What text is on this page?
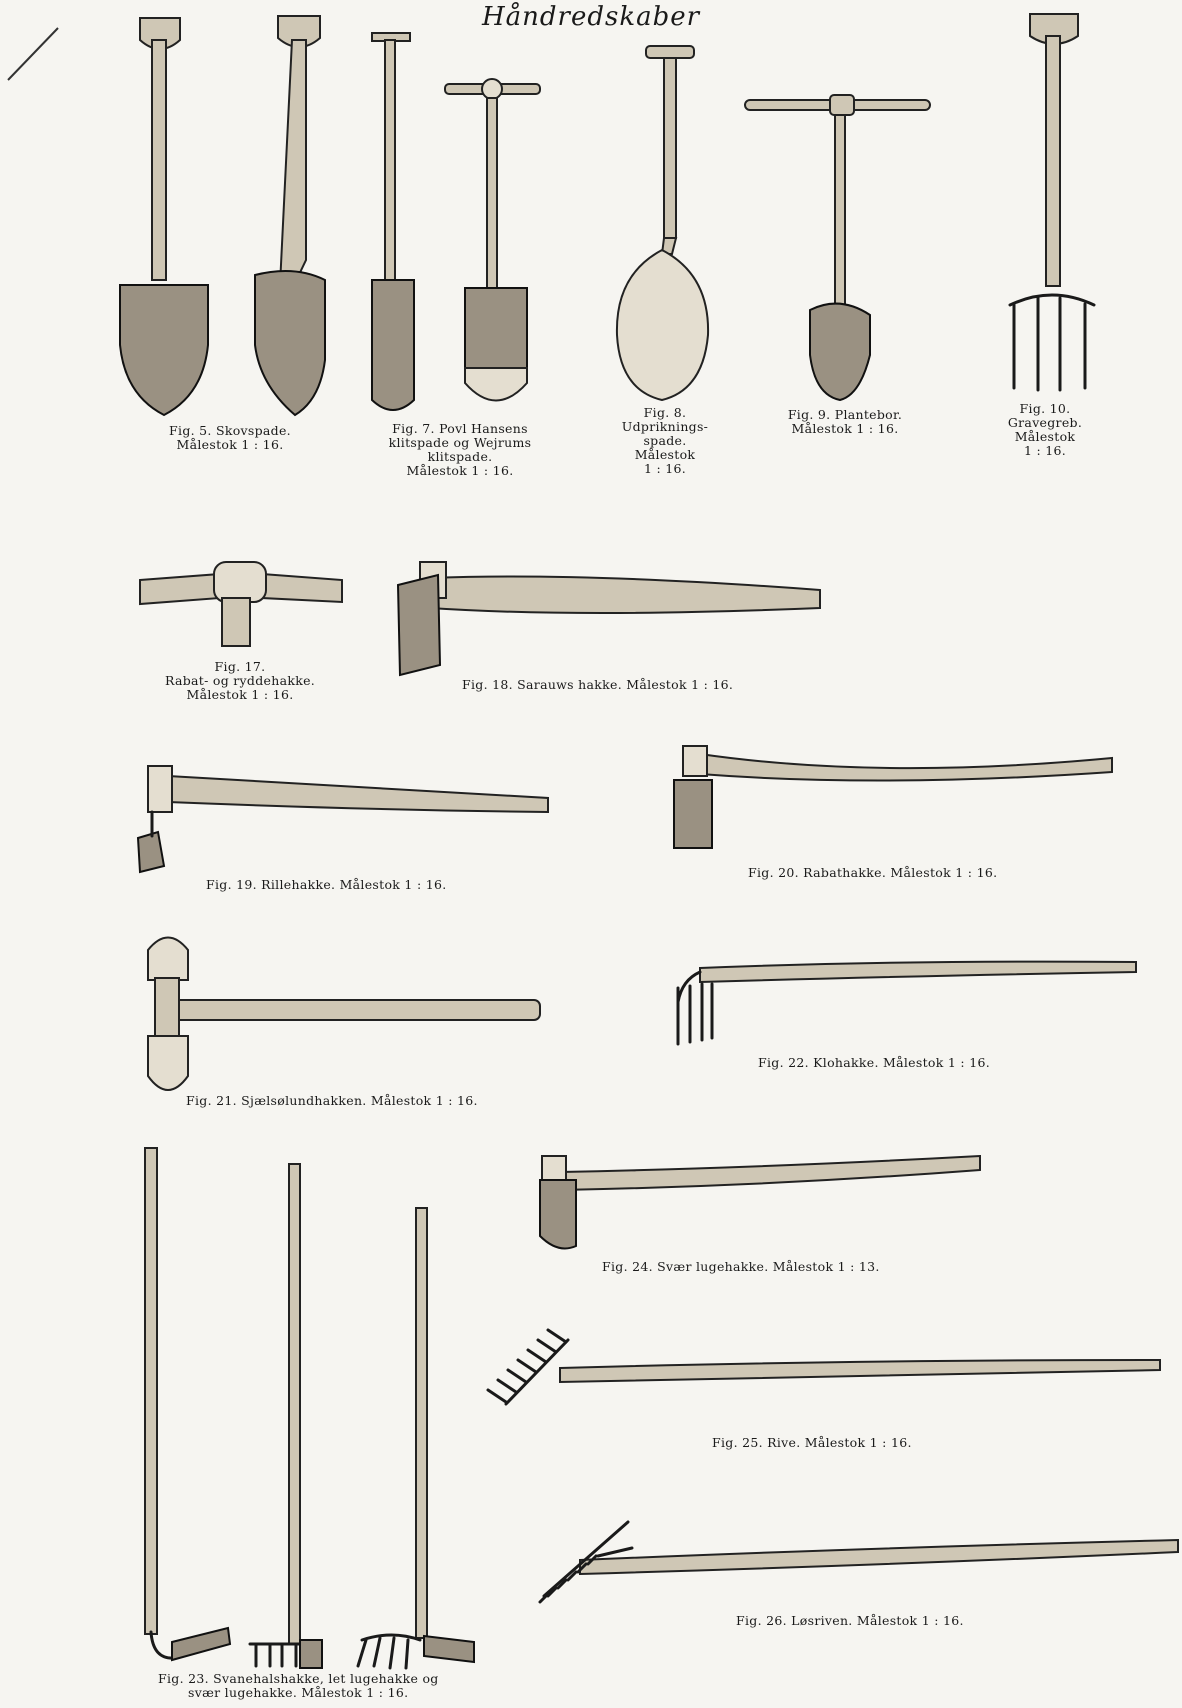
Håndredskaber
Fig. 5. Skovspade.
Målestok 1 : 16.
Fig. 7. Povl Hansens
klitspade og Wejrums
klitspade.
Målestok 1 : 16.
Fig. 8.
Udpriknings-
spade.
Målestok
1 : 16.
Fig. 9. Plantebor.
Målestok 1 : 16.
Fig. 10.
Gravegreb.
Målestok
1 : 16.
Fig. 17.
Rabat- og ryddehakke.
Målestok 1 : 16.
Fig. 18. Sarauws hakke. Målestok 1 : 16.
Fig. 19. Rillehakke. Målestok 1 : 16.
Fig. 20. Rabathakke. Målestok 1 : 16.
Fig. 21. Sjælsølundhakken. Målestok 1 : 16.
Fig. 22. Klohakke. Målestok 1 : 16.
Fig. 23. Svanehalshakke, let lugehakke og
svær lugehakke. Målestok 1 : 16.
Fig. 24. Svær lugehakke. Målestok 1 : 13.
Fig. 25. Rive. Målestok 1 : 16.
Fig. 26. Løsriven. Målestok 1 : 16.
